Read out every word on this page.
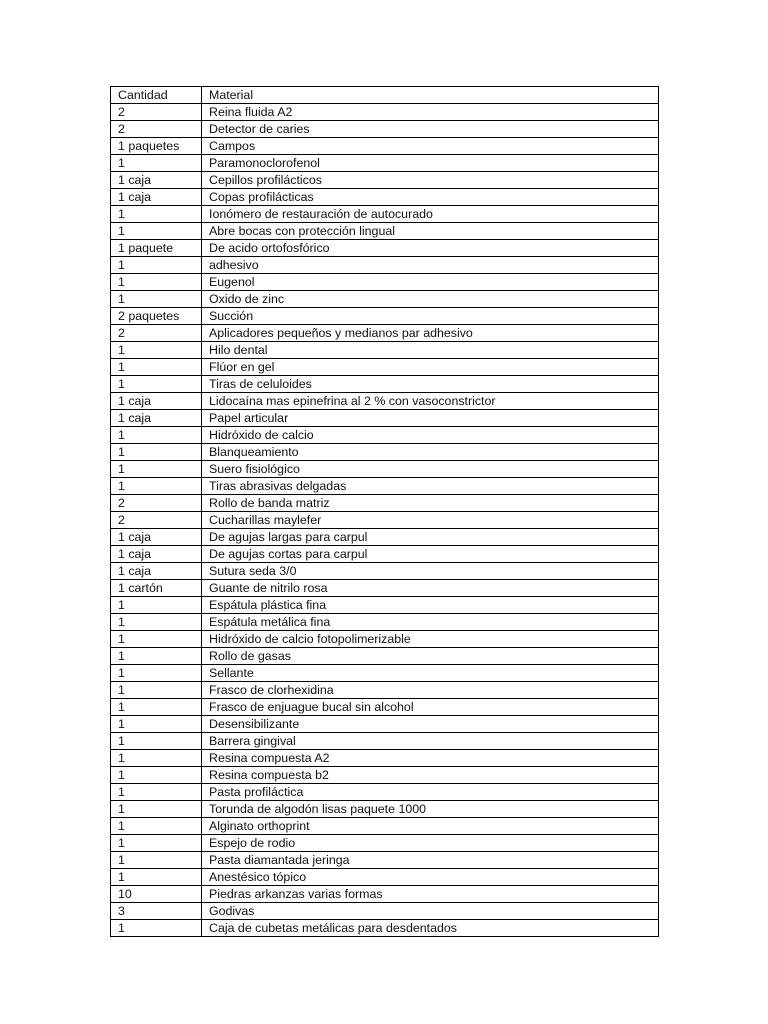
Cantidad	Material
2	Reina fluida A2
2	Detector de caries
1 paquetes	Campos
1	Paramonoclorofenol
1 caja	Cepillos profilácticos
1 caja	Copas profilácticas
1	Ionómero de restauración de autocurado
1	Abre bocas con protección lingual
1 paquete	De acido ortofosfórico
1	adhesivo
1	Eugenol
1	Oxido de zinc
2 paquetes	Succión
2	Aplicadores pequeños y medianos par adhesivo
1	Hilo dental
1	Flúor en gel
1	Tiras de celuloides
1 caja	Lidocaína mas epinefrina al 2 % con vasoconstrictor
1 caja	Papel articular
1	Hidróxido de calcio
1	Blanqueamiento
1	Suero fisiológico
1	Tiras abrasivas delgadas
2	Rollo de banda matriz
2	Cucharillas maylefer
1 caja	De agujas largas para carpul
1 caja	De agujas cortas para carpul
1 caja	Sutura seda 3/0
1 cartón	Guante de nitrilo rosa
1	Espátula plástica fina
1	Espátula metálica fina
1	Hidróxido de calcio fotopolimerizable
1	Rollo de gasas
1	Sellante
1	Frasco de clorhexidina
1	Frasco de enjuague bucal sin alcohol
1	Desensibilizante
1	Barrera gingival
1	Resina compuesta A2
1	Resina compuesta b2
1	Pasta profiláctica
1	Torunda de algodón lisas paquete 1000
1	Alginato orthoprint
1	Espejo de rodio
1	Pasta diamantada jeringa
1	Anestésico tópico
10	Piedras arkanzas varias formas
3	Godivas
1	Caja de cubetas metálicas para desdentados
